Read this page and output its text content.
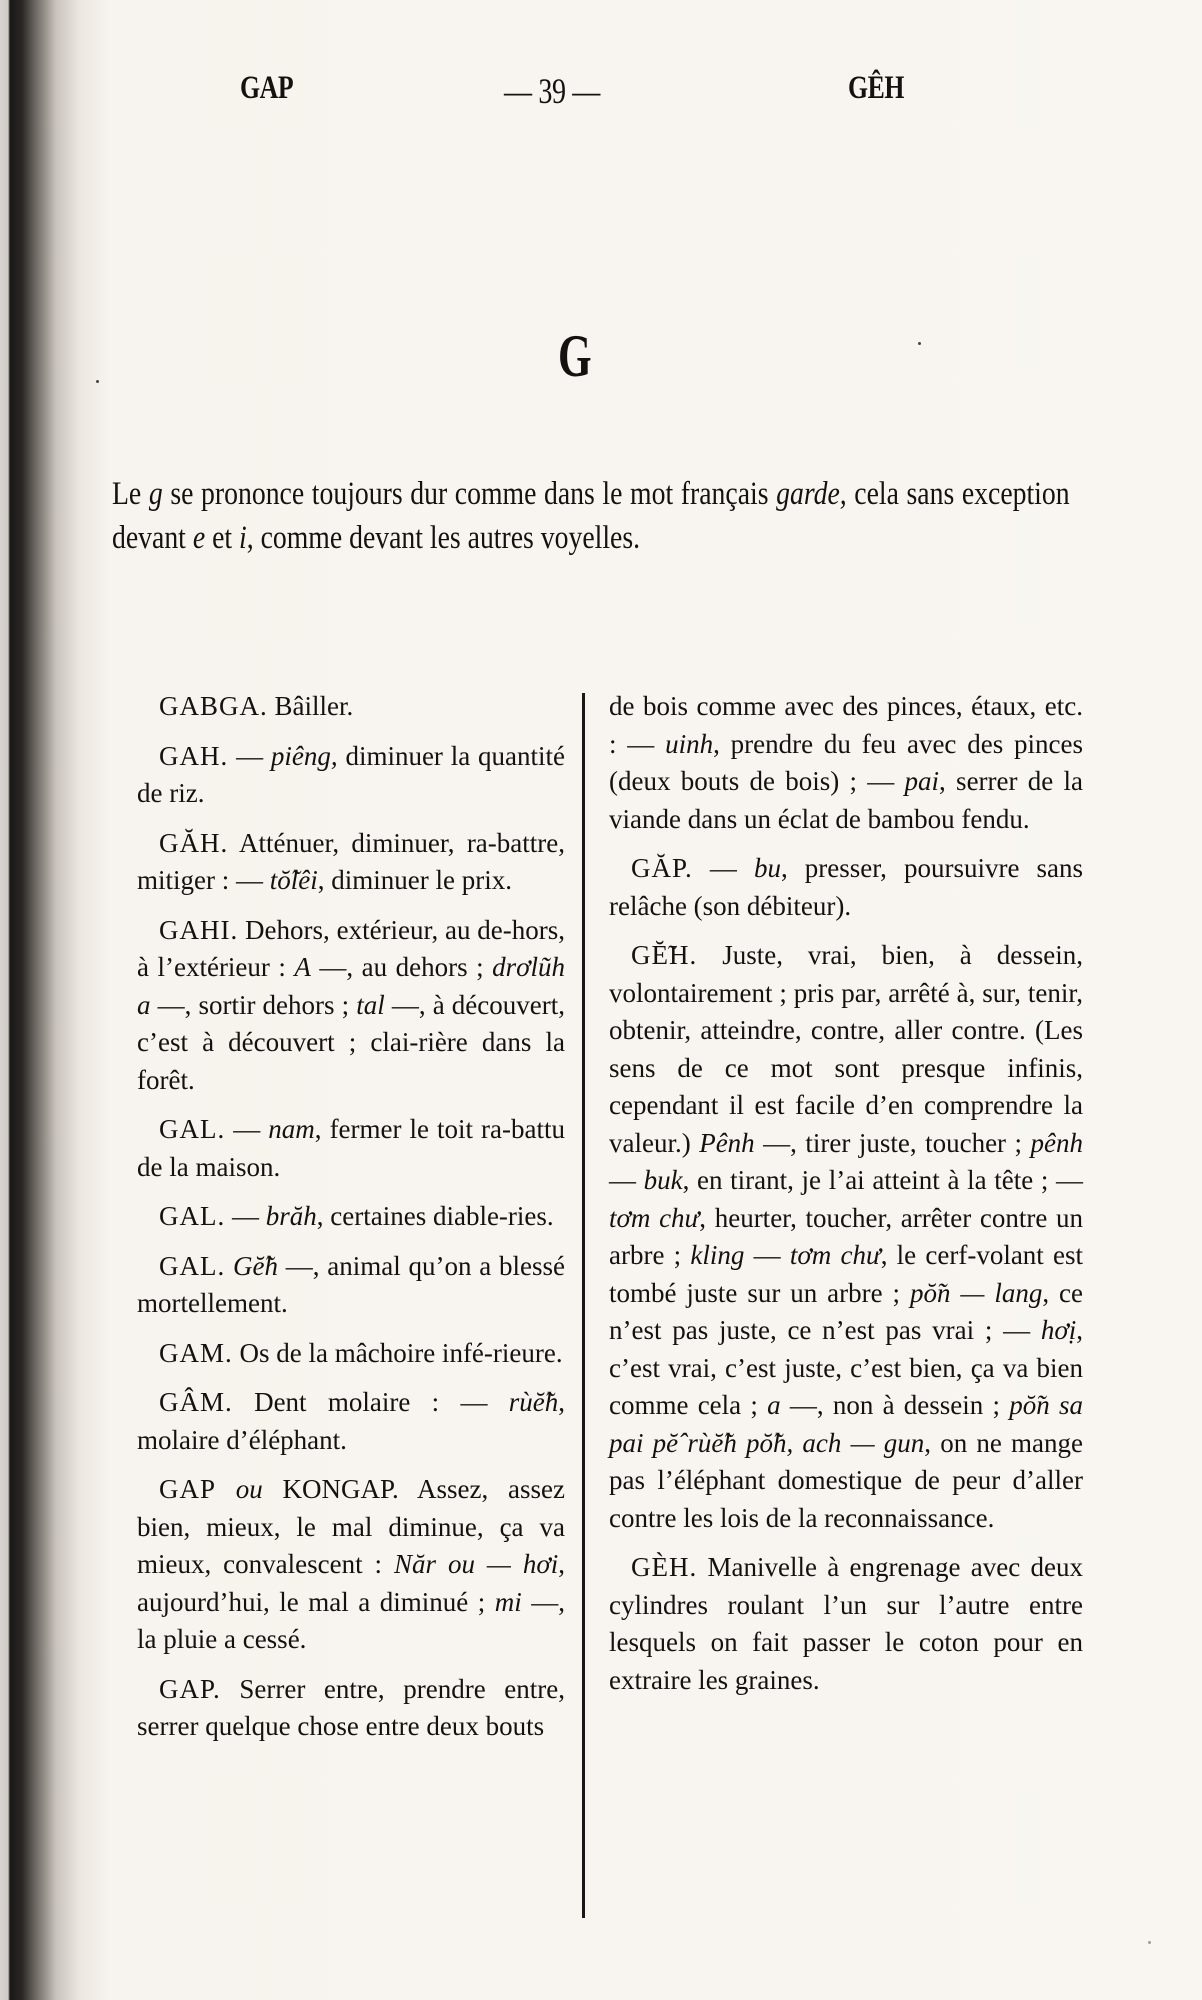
GAP	— 39 —	GÊH
G

Le g se prononce toujours dur comme dans le mot français garde, cela sans exception devant e et i, comme devant les autres voyelles.

GABGA. Bâiller.

GAH. — piêng, diminuer la quantité de riz.

GĂH. Atténuer, diminuer, ra-battre, mitiger : — tŏ̃lêi, diminuer le prix.

GAHI. Dehors, extérieur, au de-hors, à l’extérieur : A —, au dehors ; drơlũh a —, sortir dehors ; tal —, à découvert, c’est à découvert ; clai-rière dans la forêt.

GAL. — nam, fermer le toit ra-battu de la maison.

GAL. — brăh, certaines diable-ries.

GAL. Gĕ̃h —, animal qu’on a blessé mortellement.

GAM. Os de la mâchoire infé-rieure.

GÂM. Dent molaire : — rùĕ̃h, molaire d’éléphant.

GAP ou KONGAP. Assez, assez bien, mieux, le mal diminue, ça va mieux, convalescent : Năr ou — hơi, aujourd’hui, le mal a diminué ; mi —, la pluie a cessé.

GAP. Serrer entre, prendre entre, serrer quelque chose entre deux bouts

de bois comme avec des pinces, étaux, etc. : — uinh, prendre du feu avec des pinces (deux bouts de bois) ; — pai, serrer de la viande dans un éclat de bambou fendu.

GĂP. — bu, presser, poursuivre sans relâche (son débiteur).

GĔ̃H. Juste, vrai, bien, à dessein, volontairement ; pris par, arrêté à, sur, tenir, obtenir, atteindre, contre, aller contre. (Les sens de ce mot sont presque infinis, cependant il est facile d’en comprendre la valeur.) Pênh —, tirer juste, toucher ; pênh — buk, en tirant, je l’ai atteint à la tête ; — tơm chư, heurter, toucher, arrêter contre un arbre ; kling — tơm chư, le cerf-volant est tombé juste sur un arbre ; pŏ̃n — lang, ce n’est pas juste, ce n’est pas vrai ; — hơị, c’est vrai, c’est juste, c’est bien, ça va bien comme cela ; a —, non à dessein ; pŏ̃n sa pai pĕ̂ rùĕ̃h pŏ̃h, ach — gun, on ne mange pas l’éléphant domestique de peur d’aller contre les lois de la reconnaissance.

GÈH. Manivelle à engrenage avec deux cylindres roulant l’un sur l’autre entre lesquels on fait passer le coton pour en extraire les graines.
